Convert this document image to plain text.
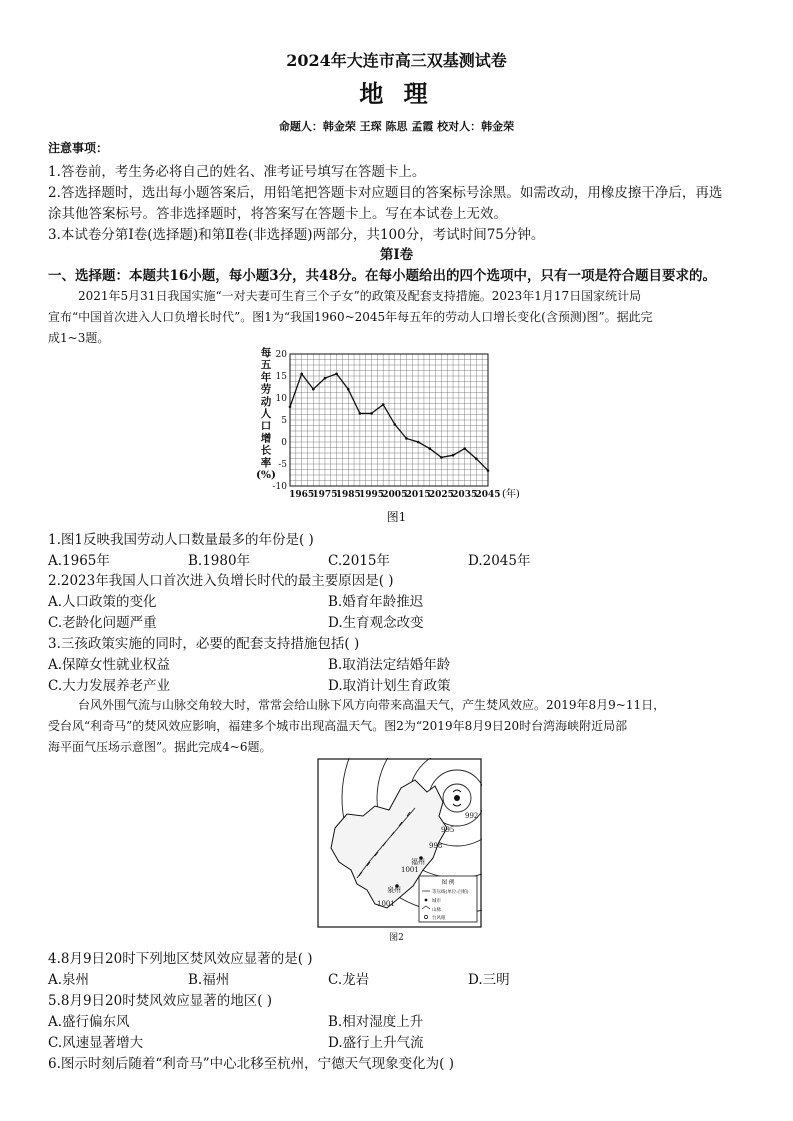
2024年大连市高三双基测试卷
地 理
命题人：韩金荣 王琛 陈思 孟霞 校对人：韩金荣
注意事项：
1.答卷前，考生务必将自己的姓名、准考证号填写在答题卡上。
2.答选择题时，选出每小题答案后，用铅笔把答题卡对应题目的答案标号涂黑。如需改动，用橡皮擦干净后，再选
涂其他答案标号。答非选择题时，将答案写在答题卡上。写在本试卷上无效。
3.本试卷分第Ⅰ卷(选择题)和第Ⅱ卷(非选择题)两部分，共100分，考试时间75分钟。
第Ⅰ卷
一、选择题：本题共16小题，每小题3分，共48分。在每小题给出的四个选项中，只有一项是符合题目要求的。
2021年5月31日我国实施“一对夫妻可生育三个子女”的政策及配套支持措施。2023年1月17日国家统计局
宣布“中国首次进入人口负增长时代”。图1为“我国1960~2045年每五年的劳动人口增长变化(含预测)图”。据此完
成1~3题。
每
五
年
劳
动
人
口
增
长
率
(%)
20
15
10
5
0
-5
-10
1965
1975
1985
1995
2005
2015
2025
2035
2045 (年)
图1
1.图1反映我国劳动人口数量最多的年份是( )
A.1965年	B.1980年	C.2015年	D.2045年
2.2023年我国人口首次进入负增长时代的最主要原因是( )
A.人口政策的变化	B.婚育年龄推迟
C.老龄化问题严重	D.生育观念改变
3.三孩政策实施的同时，必要的配套支持措施包括( )
A.保障女性就业权益	B.取消法定结婚年龄
C.大力发展养老产业	D.取消计划生育政策
台风外围气流与山脉交角较大时，常常会给山脉下风方向带来高温天气，产生焚风效应。2019年8月9~11日，
受台风“利奇马”的焚风效应影响，福建多个城市出现高温天气。图2为“2019年8月9日20时台湾海峡附近局部
海平面气压场示意图”。据此完成4~6题。
992
995
998
1001
1001
福州
泉州
图 例
等压线(单位:百帕)
城市
山脉
台风眼
图2
4.8月9日20时下列地区焚风效应显著的是( )
A.泉州	B.福州	C.龙岩	D.三明
5.8月9日20时焚风效应显著的地区( )
A.盛行偏东风	B.相对湿度上升
C.风速显著增大	D.盛行上升气流
6.图示时刻后随着“利奇马”中心北移至杭州，宁德天气现象变化为( )
